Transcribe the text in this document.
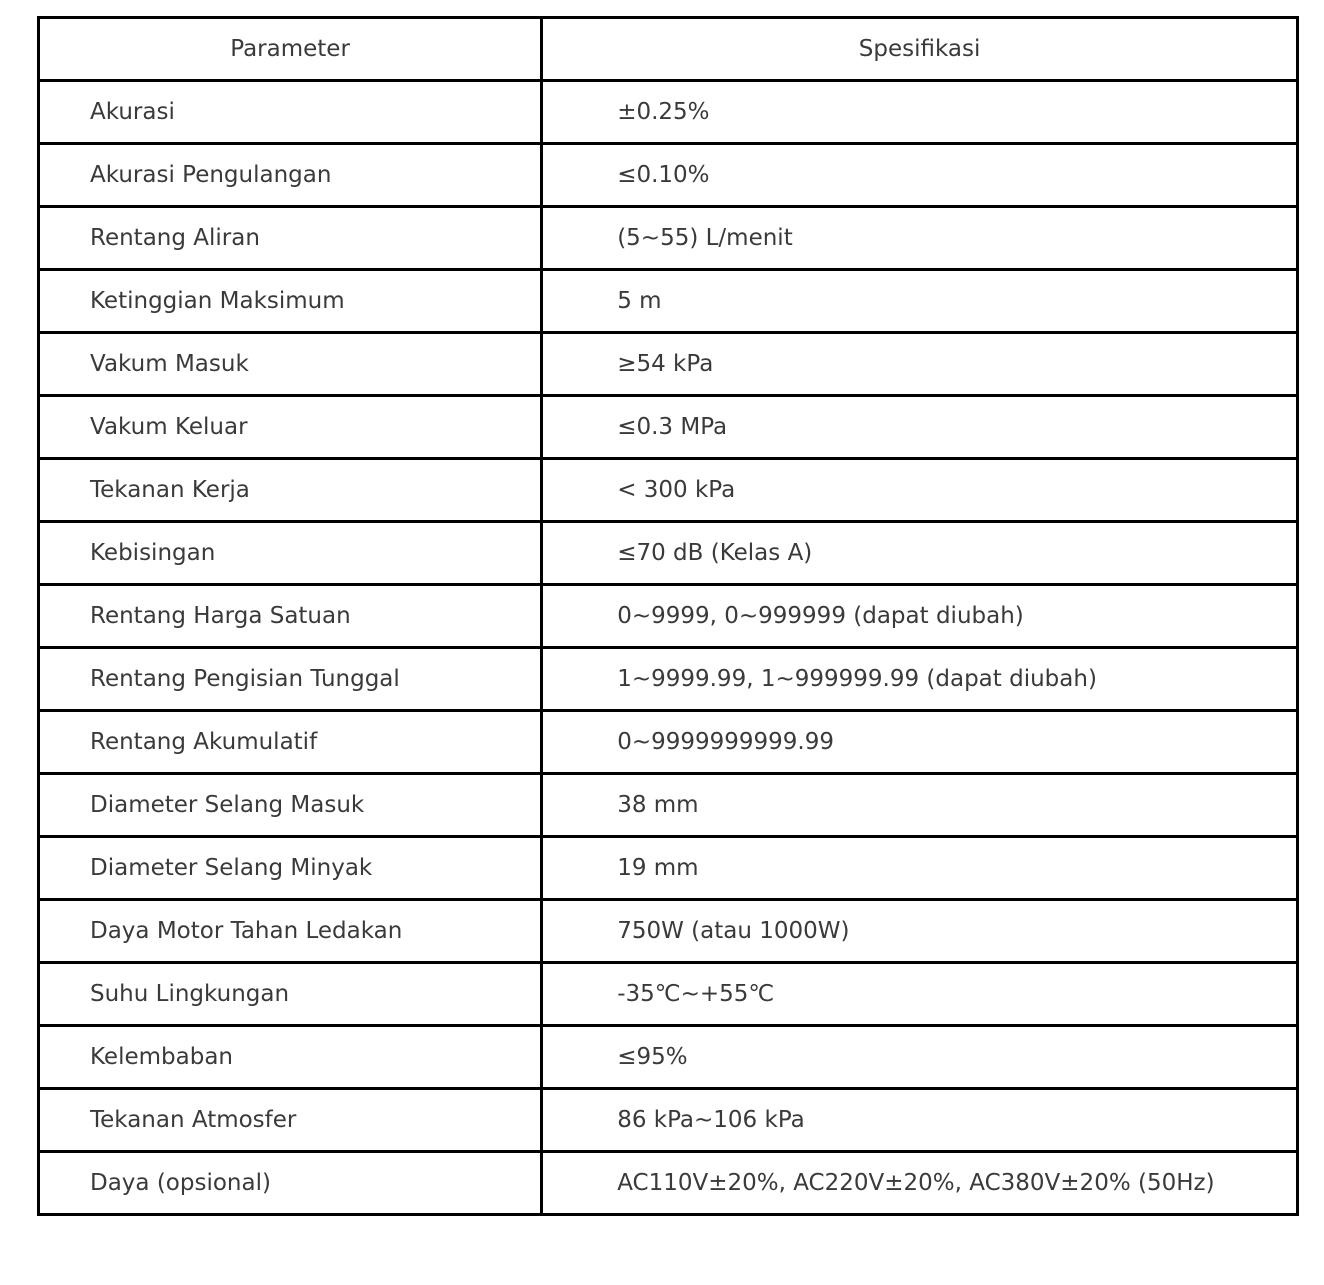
Parameter	Spesifikasi
Akurasi	±0.25%
Akurasi Pengulangan	≤0.10%
Rentang Aliran	(5~55) L/menit
Ketinggian Maksimum	5 m
Vakum Masuk	≥54 kPa
Vakum Keluar	≤0.3 MPa
Tekanan Kerja	< 300 kPa
Kebisingan	≤70 dB (Kelas A)
Rentang Harga Satuan	0~9999, 0~999999 (dapat diubah)
Rentang Pengisian Tunggal	1~9999.99, 1~999999.99 (dapat diubah)
Rentang Akumulatif	0~9999999999.99
Diameter Selang Masuk	38 mm
Diameter Selang Minyak	19 mm
Daya Motor Tahan Ledakan	750W (atau 1000W)
Suhu Lingkungan	-35℃~+55℃
Kelembaban	≤95%
Tekanan Atmosfer	86 kPa~106 kPa
Daya (opsional)	AC110V±20%, AC220V±20%, AC380V±20% (50Hz)
